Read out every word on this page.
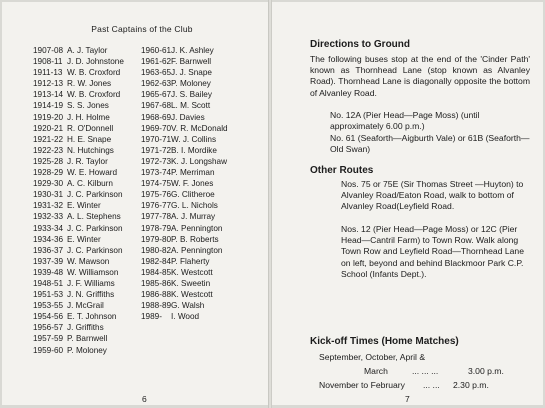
Past Captains of the Club
1907-08 A. J. Taylor
1908-11 J. D. Johnstone
1911-13 W. B. Croxford
1912-13 R. W. Jones
1913-14 W. B. Croxford
1914-19 S. S. Jones
1919-20 J. H. Holme
1920-21 R. O'Donnell
1921-22 H. E. Snape
1922-23 N. Hutchings
1925-28 J. R. Taylor
1928-29 W. E. Howard
1929-30 A. C. Kilburn
1930-31 J. C. Parkinson
1931-32 E. Winter
1932-33 A. L. Stephens
1933-34 J. C. Parkinson
1934-36 E. Winter
1936-37 J. C. Parkinson
1937-39 W. Mawson
1939-48 W. Williamson
1948-51 J. F. Williams
1951-53 J. N. Griffiths
1953-55 J. McGrail
1954-56 E. T. Johnson
1956-57 J. Griffiths
1957-59 P. Barnwell
1959-60 P. Moloney
1960-61J. K. Ashley
1961-62F. Barnwell
1963-65J. J. Snape
1962-63P. Moloney
1965-67J. S. Bailey
1967-68L. M. Scott
1968-69J. Davies
1969-70V. R. McDonald
1970-71W. J. Collins
1971-72B. I. Mordike
1972-73K. J. Longshaw
1973-74P. Merriman
1974-75W. F. Jones
1975-76G. Clitheroe
1976-77G. L. Nichols
1977-78A. J. Murray
1978-79A. Pennington
1979-80P. B. Roberts
1980-82A. Pennington
1982-84P. Flaherty
1984-85K. Westcott
1985-86K. Sweetin
1986-88K. Westcott
1988-89G. Walsh
1989- I. Wood
6
Directions to Ground
The following buses stop at the end of the 'Cinder Path' known as Thornhead Lane (stop known as Alvanley Road). Thornhead Lane is diagonally opposite the bottom of Alvanley Road.
No. 12A (Pier Head—Page Moss) (until approximately 6.00 p.m.)
No. 61 (Seaforth—Aigburth Vale) or 61B (Seaforth—Old Swan)
Other Routes
Nos. 75 or 75E (Sir Thomas Street —Huyton) to Alvanley Road/Eaton Road, walk to bottom of Alvanley Road(Leyfield Road.
Nos. 12 (Pier Head—Page Moss) or 12C (Pier Head—Cantril Farm) to Town Row. Walk along Town Row and Leyfield Road—Thornhead Lane on left, beyond and behind Blackmoor Park C.P. School (Infants Dept.).
Kick-off Times (Home Matches)
September, October, April &
March	... ... ...	3.00 p.m.
November to February ... ... 2.30 p.m.
7
